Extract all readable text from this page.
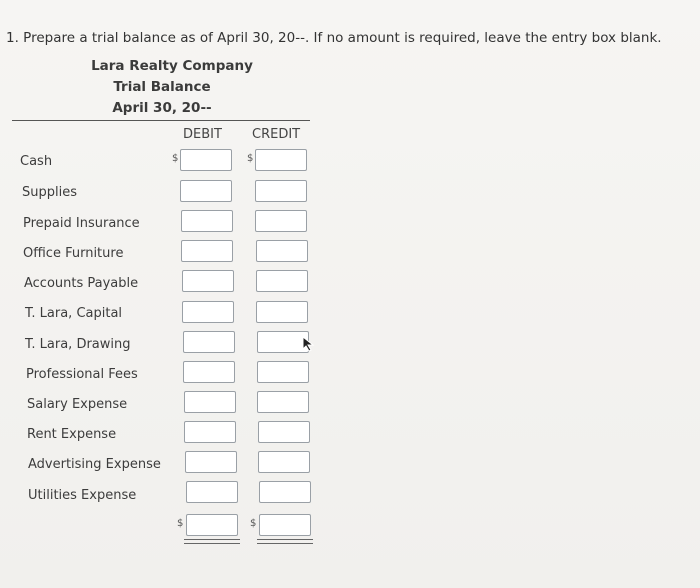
1. Prepare a trial balance as of April 30, 20--. If no amount is required, leave the entry box blank.
Lara Realty Company
Trial Balance
April 30, 20--
DEBIT CREDIT
Cash	$	$
Supplies
Prepaid Insurance
Office Furniture
Accounts Payable
T. Lara, Capital
T. Lara, Drawing
Professional Fees
Salary Expense
Rent Expense
Advertising Expense
Utilities Expense
$	$
